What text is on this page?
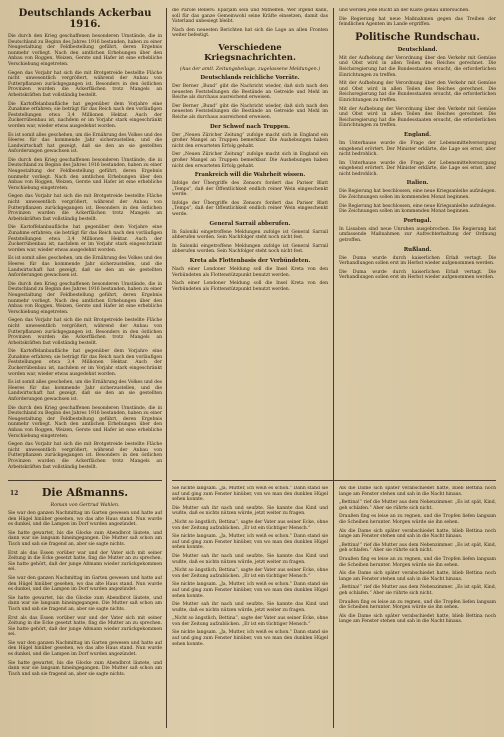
Deutschlands Ackerbau 1916.

Die durch den Krieg geschaffenen besonderen Umstände, die in Deutschland zu Beginn des Jahres 1916 bestanden, haben zu einer Neugestaltung der Feldbestellung geführt, deren Ergebnis nunmehr vorliegt. Nach den amtlichen Erhebungen über den Anbau von Roggen, Weizen, Gerste und Hafer ist eine erhebliche Verschiebung eingetreten.

Gegen das Vorjahr hat sich die mit Brotgetreide bestellte Fläche nicht unwesentlich vergrößert, während der Anbau von Futterpflanzen zurückgegangen ist. Besonders in den östlichen Provinzen wurden die Ackerflächen trotz Mangels an Arbeitskräften fast vollständig bestellt.

Die Kartoffelanbaufläche hat gegenüber dem Vorjahre eine Zunahme erfahren; sie beträgt für das Reich nach den vorläufigen Feststellungen etwa 3,4 Millionen Hektar. Auch der Zuckerrübenbau ist, nachdem er im Vorjahr stark eingeschränkt worden war, wieder etwas ausgedehnt worden.

Es ist somit alles geschehen, um die Ernährung des Volkes und des Heeres für das kommende Jahr sicherzustellen, und die Landwirtschaft hat gezeigt, daß sie den an sie gestellten Anforderungen gewachsen ist.

Die durch den Krieg geschaffenen besonderen Umstände, die in Deutschland zu Beginn des Jahres 1916 bestanden, haben zu einer Neugestaltung der Feldbestellung geführt, deren Ergebnis nunmehr vorliegt. Nach den amtlichen Erhebungen über den Anbau von Roggen, Weizen, Gerste und Hafer ist eine erhebliche Verschiebung eingetreten.

Gegen das Vorjahr hat sich die mit Brotgetreide bestellte Fläche nicht unwesentlich vergrößert, während der Anbau von Futterpflanzen zurückgegangen ist. Besonders in den östlichen Provinzen wurden die Ackerflächen trotz Mangels an Arbeitskräften fast vollständig bestellt.

Die Kartoffelanbaufläche hat gegenüber dem Vorjahre eine Zunahme erfahren; sie beträgt für das Reich nach den vorläufigen Feststellungen etwa 3,4 Millionen Hektar. Auch der Zuckerrübenbau ist, nachdem er im Vorjahr stark eingeschränkt worden war, wieder etwas ausgedehnt worden.

Es ist somit alles geschehen, um die Ernährung des Volkes und des Heeres für das kommende Jahr sicherzustellen, und die Landwirtschaft hat gezeigt, daß sie den an sie gestellten Anforderungen gewachsen ist.

Die durch den Krieg geschaffenen besonderen Umstände, die in Deutschland zu Beginn des Jahres 1916 bestanden, haben zu einer Neugestaltung der Feldbestellung geführt, deren Ergebnis nunmehr vorliegt. Nach den amtlichen Erhebungen über den Anbau von Roggen, Weizen, Gerste und Hafer ist eine erhebliche Verschiebung eingetreten.

Gegen das Vorjahr hat sich die mit Brotgetreide bestellte Fläche nicht unwesentlich vergrößert, während der Anbau von Futterpflanzen zurückgegangen ist. Besonders in den östlichen Provinzen wurden die Ackerflächen trotz Mangels an Arbeitskräften fast vollständig bestellt.

Die Kartoffelanbaufläche hat gegenüber dem Vorjahre eine Zunahme erfahren; sie beträgt für das Reich nach den vorläufigen Feststellungen etwa 3,4 Millionen Hektar. Auch der Zuckerrübenbau ist, nachdem er im Vorjahr stark eingeschränkt worden war, wieder etwas ausgedehnt worden.

Es ist somit alles geschehen, um die Ernährung des Volkes und des Heeres für das kommende Jahr sicherzustellen, und die Landwirtschaft hat gezeigt, daß sie den an sie gestellten Anforderungen gewachsen ist.

Die durch den Krieg geschaffenen besonderen Umstände, die in Deutschland zu Beginn des Jahres 1916 bestanden, haben zu einer Neugestaltung der Feldbestellung geführt, deren Ergebnis nunmehr vorliegt. Nach den amtlichen Erhebungen über den Anbau von Roggen, Weizen, Gerste und Hafer ist eine erhebliche Verschiebung eingetreten.

Gegen das Vorjahr hat sich die mit Brotgetreide bestellte Fläche nicht unwesentlich vergrößert, während der Anbau von Futterpflanzen zurückgegangen ist. Besonders in den östlichen Provinzen wurden die Ackerflächen trotz Mangels an Arbeitskräften fast vollständig bestellt.

Die Aßmanns.
Roman von Gertrud Wahlen.

Sie war den ganzen Nachmittag im Garten gewesen und hatte auf den Hügel hinüber gesehen, wo das alte Haus stand. Nun wurde es dunkel, und die Lampen im Dorf wurden angezündet.

Sie hatte gewartet, bis die Glocke zum Abendbrot läutete, und dann war sie langsam hineingegangen. Die Mutter saß schon am Tisch und sah sie fragend an, aber sie sagte nichts.

Erst als das Essen vorüber war und der Vater sich mit seiner Zeitung in die Ecke gesetzt hatte, fing die Mutter an zu sprechen. Sie hatte gehört, daß der junge Aßmann wieder zurückgekommen sei.

Sie war den ganzen Nachmittag im Garten gewesen und hatte auf den Hügel hinüber gesehen, wo das alte Haus stand. Nun wurde es dunkel, und die Lampen im Dorf wurden angezündet.

Sie hatte gewartet, bis die Glocke zum Abendbrot läutete, und dann war sie langsam hineingegangen. Die Mutter saß schon am Tisch und sah sie fragend an, aber sie sagte nichts.

Erst als das Essen vorüber war und der Vater sich mit seiner Zeitung in die Ecke gesetzt hatte, fing die Mutter an zu sprechen. Sie hatte gehört, daß der junge Aßmann wieder zurückgekommen sei.

Sie war den ganzen Nachmittag im Garten gewesen und hatte auf den Hügel hinüber gesehen, wo das alte Haus stand. Nun wurde es dunkel, und die Lampen im Dorf wurden angezündet.

Sie hatte gewartet, bis die Glocke zum Abendbrot läutete, und dann war sie langsam hineingegangen. Die Mutter saß schon am Tisch und sah sie fragend an, aber sie sagte nichts.

die Parole Bellers: Eparjam sein und Mithelfen. Wer irgend kann, soll für das ganze Gemeinwohl seine Kräfte einsetzen, damit das Vaterland unbesiegt bleibt.

Nach den neuesten Berichten hat sich die Lage an allen Fronten weiter befestigt.

Verschiedene Kriegsnachrichten.
(Aus der amtl. Zeitungsbeilage, zugelassene Meldungen.)
Deutschlands reichliche Vorräte.

Der Berner „Bund“ gibt die Nachricht wieder, daß sich nach den neuesten Feststellungen die Bestände an Getreide und Mehl im Reiche als durchaus ausreichend erweisen.

Der Berner „Bund“ gibt die Nachricht wieder, daß sich nach den neuesten Feststellungen die Bestände an Getreide und Mehl im Reiche als durchaus ausreichend erweisen.

Der Schwof nach Truppen.

Der „Neuen Züricher Zeitung“ zufolge macht sich in England ein großer Mangel an Truppen bemerkbar. Die Aushebungen haben nicht den erwarteten Erfolg gehabt.

Der „Neuen Züricher Zeitung“ zufolge macht sich in England ein großer Mangel an Truppen bemerkbar. Die Aushebungen haben nicht den erwarteten Erfolg gehabt.

Frankreich will die Wahrheit wissen.

Infolge der Übergriffe des Zensors fordert das Pariser Blatt „Temps“, daß der Öffentlichkeit endlich reiner Wein eingeschenkt werde.

Infolge der Übergriffe des Zensors fordert das Pariser Blatt „Temps“, daß der Öffentlichkeit endlich reiner Wein eingeschenkt werde.

General Sarrail abberufen.

In Saloniki eingetroffene Meldungen zufolge ist General Sarrail abberufen worden. Sein Nachfolger steht noch nicht fest.

In Saloniki eingetroffene Meldungen zufolge ist General Sarrail abberufen worden. Sein Nachfolger steht noch nicht fest.

Kreta als Flottenbasis der Verbündeten.

Nach einer Londoner Meldung soll die Insel Kreta von den Verbündeten als Flottenstützpunkt benutzt werden.

Nach einer Londoner Meldung soll die Insel Kreta von den Verbündeten als Flottenstützpunkt benutzt werden.

und werden jede Bucht an der Küste genau untersuchen.

Die Regierung hat neue Maßnahmen gegen das Treiben der feindlichen Agenten im Lande ergriffen.

Politische Rundschau.
Deutschland.

Mit der Aufhebung der Verordnung über den Verkehr mit Gemüse und Obst wird in allen Teilen des Reiches gerechnet. Die Reichsregierung hat die Bundesstaaten ersucht, die erforderlichen Einrichtungen zu treffen.

Mit der Aufhebung der Verordnung über den Verkehr mit Gemüse und Obst wird in allen Teilen des Reiches gerechnet. Die Reichsregierung hat die Bundesstaaten ersucht, die erforderlichen Einrichtungen zu treffen.

Mit der Aufhebung der Verordnung über den Verkehr mit Gemüse und Obst wird in allen Teilen des Reiches gerechnet. Die Reichsregierung hat die Bundesstaaten ersucht, die erforderlichen Einrichtungen zu treffen.

England.

Im Unterhause wurde die Frage der Lebensmittelversorgung eingehend erörtert. Der Minister erklärte, die Lage sei ernst, aber nicht bedrohlich.

Im Unterhause wurde die Frage der Lebensmittelversorgung eingehend erörtert. Der Minister erklärte, die Lage sei ernst, aber nicht bedrohlich.

Italien.

Die Regierung hat beschlossen, eine neue Kriegsanleihe aufzulegen. Die Zeichnungen sollen im kommenden Monat beginnen.

Die Regierung hat beschlossen, eine neue Kriegsanleihe aufzulegen. Die Zeichnungen sollen im kommenden Monat beginnen.

Portugal.

In Lissabon sind neue Unruhen ausgebrochen. Die Regierung hat umfassende Maßnahmen zur Aufrechterhaltung der Ordnung getroffen.

Rußland.

Die Duma wurde durch kaiserlichen Erlaß vertagt. Die Verhandlungen sollen erst im Herbst wieder aufgenommen werden.

Die Duma wurde durch kaiserlichen Erlaß vertagt. Die Verhandlungen sollen erst im Herbst wieder aufgenommen werden.

Sie nickte langsam. „Ja, Mutter, ich weiß es schon.“ Dann stand sie auf und ging zum Fenster hinüber, von wo man den dunklen Hügel sehen konnte.

Die Mutter sah ihr nach und seufzte. Sie kannte das Kind und wußte, daß es nichts nützen würde, jetzt weiter zu fragen.

„Nicht so ängstlich, Bettina“, sagte der Vater aus seiner Ecke, ohne von der Zeitung aufzublicken. „Er ist ein tüchtiger Mensch.“

Sie nickte langsam. „Ja, Mutter, ich weiß es schon.“ Dann stand sie auf und ging zum Fenster hinüber, von wo man den dunklen Hügel sehen konnte.

Die Mutter sah ihr nach und seufzte. Sie kannte das Kind und wußte, daß es nichts nützen würde, jetzt weiter zu fragen.

„Nicht so ängstlich, Bettina“, sagte der Vater aus seiner Ecke, ohne von der Zeitung aufzublicken. „Er ist ein tüchtiger Mensch.“

Sie nickte langsam. „Ja, Mutter, ich weiß es schon.“ Dann stand sie auf und ging zum Fenster hinüber, von wo man den dunklen Hügel sehen konnte.

Die Mutter sah ihr nach und seufzte. Sie kannte das Kind und wußte, daß es nichts nützen würde, jetzt weiter zu fragen.

„Nicht so ängstlich, Bettina“, sagte der Vater aus seiner Ecke, ohne von der Zeitung aufzublicken. „Er ist ein tüchtiger Mensch.“

Sie nickte langsam. „Ja, Mutter, ich weiß es schon.“ Dann stand sie auf und ging zum Fenster hinüber, von wo man den dunklen Hügel sehen konnte.

Als die Dame sich später verabschiedet hatte, blieb Bettina noch lange am Fenster stehen und sah in die Nacht hinaus.

„Bettina!“ rief die Mutter aus dem Nebenzimmer. „Es ist spät, Kind, geh schlafen.“ Aber sie rührte sich nicht.

Draußen fing es leise an zu regnen, und die Tropfen liefen langsam die Scheiben herunter. Morgen würde sie ihn sehen.

Als die Dame sich später verabschiedet hatte, blieb Bettina noch lange am Fenster stehen und sah in die Nacht hinaus.

„Bettina!“ rief die Mutter aus dem Nebenzimmer. „Es ist spät, Kind, geh schlafen.“ Aber sie rührte sich nicht.

Draußen fing es leise an zu regnen, und die Tropfen liefen langsam die Scheiben herunter. Morgen würde sie ihn sehen.

Als die Dame sich später verabschiedet hatte, blieb Bettina noch lange am Fenster stehen und sah in die Nacht hinaus.

„Bettina!“ rief die Mutter aus dem Nebenzimmer. „Es ist spät, Kind, geh schlafen.“ Aber sie rührte sich nicht.

Draußen fing es leise an zu regnen, und die Tropfen liefen langsam die Scheiben herunter. Morgen würde sie ihn sehen.

Als die Dame sich später verabschiedet hatte, blieb Bettina noch lange am Fenster stehen und sah in die Nacht hinaus.

12
